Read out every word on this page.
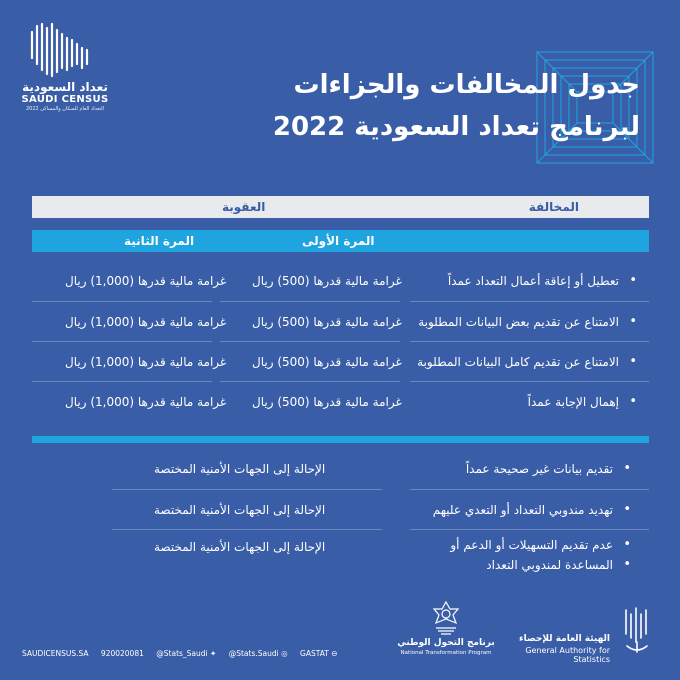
تعداد السعودية
SAUDI CENSUS
التعداد العام للسكان والمساكن 2022
جدول المخالفات والجزاءات
لبرنامج تعداد السعودية 2022
المخالفة
العقوبة
المرة الأولى
المرة الثانية
• تعطيل أو إعاقة أعمال التعداد عمداً
غرامة مالية قدرها (500) ريال
غرامة مالية قدرها (1,000) ريال
• الامتناع عن تقديم بعض البيانات المطلوبة
غرامة مالية قدرها (500) ريال
غرامة مالية قدرها (1,000) ريال
• الامتناع عن تقديم كامل البيانات المطلوبة
غرامة مالية قدرها (500) ريال
غرامة مالية قدرها (1,000) ريال
• إهمال الإجابة عمداً
غرامة مالية قدرها (500) ريال
غرامة مالية قدرها (1,000) ريال
• تقديم بيانات غير صحيحة عمداً
الإحالة إلى الجهات الأمنية المختصة
• تهديد مندوبي التعداد أو التعدي عليهم
الإحالة إلى الجهات الأمنية المختصة
• عدم تقديم التسهيلات أو الدعم أو
• المساعدة لمندوبي التعداد
الإحالة إلى الجهات الأمنية المختصة
برنامج التحول الوطني
National Transformation Program
الهيئة العامة للإحصاء
General Authority for Statistics
SAUDICENSUS.SA 920020081 @Stats_Saudi ✦ @Stats.Saudi ◎ GASTAT ⊖
